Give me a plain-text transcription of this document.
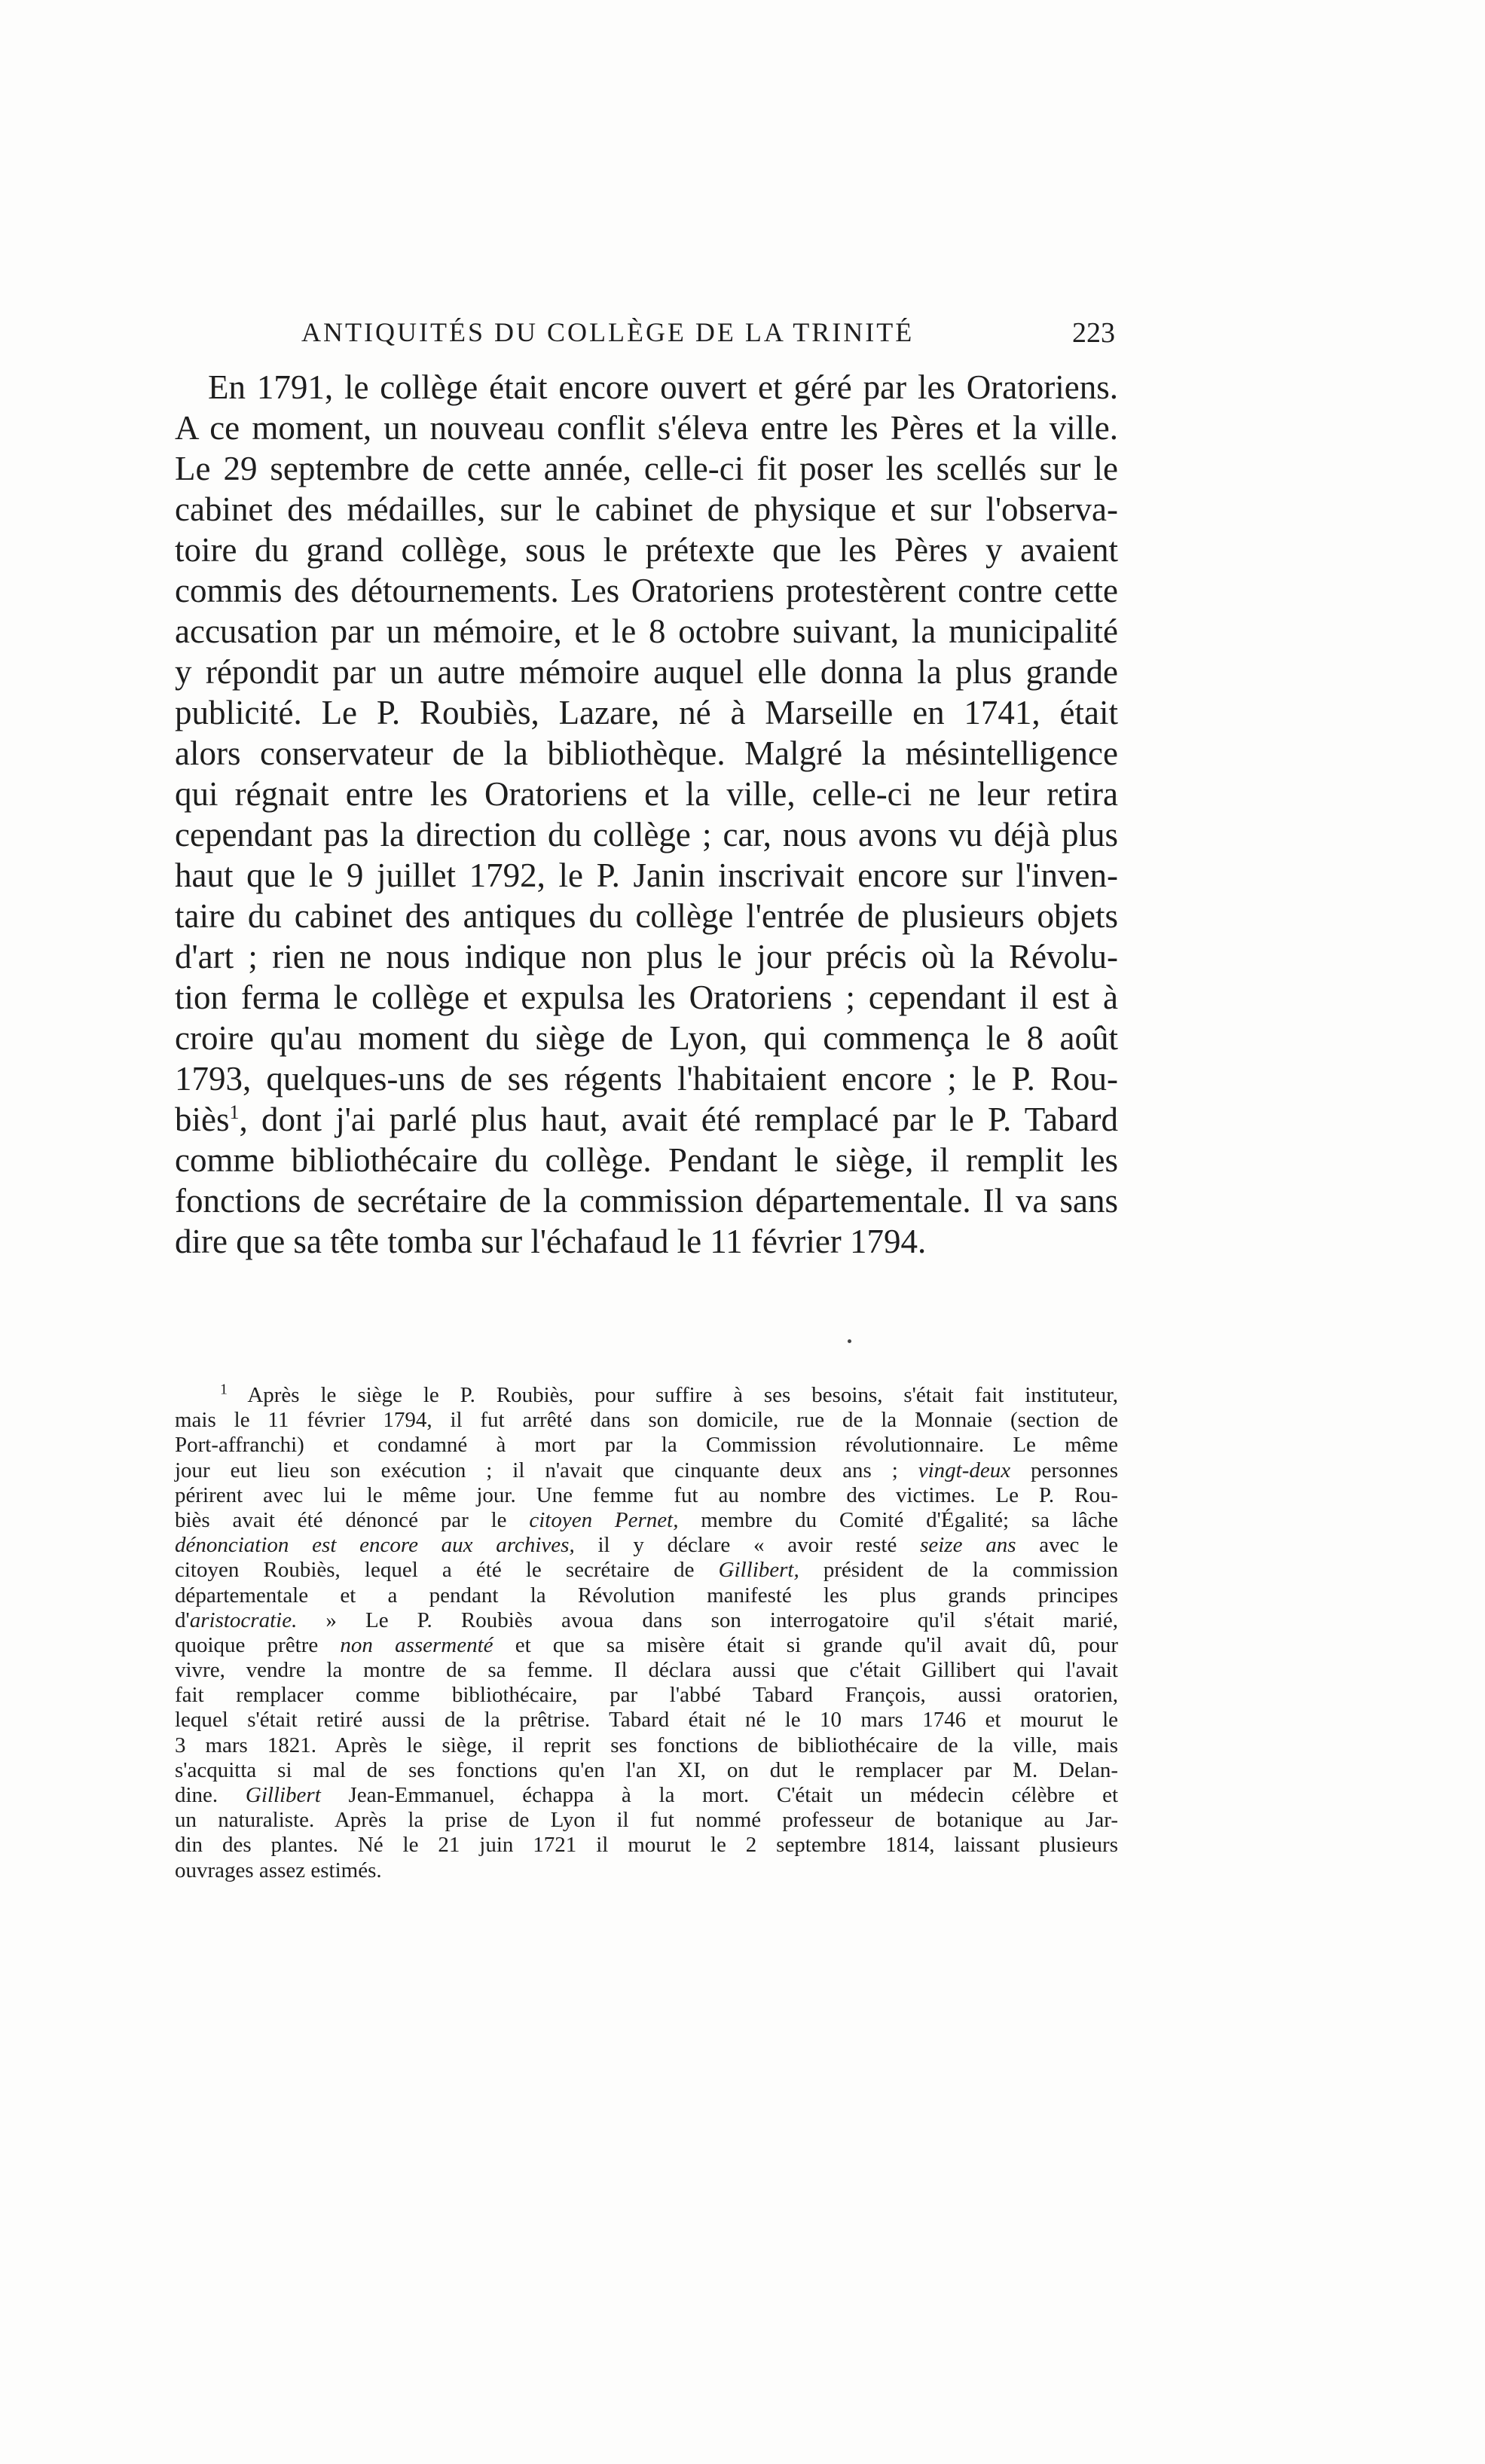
ANTIQUITÉS DU COLLÈGE DE LA TRINITÉ	223
En 1791, le collège était encore ouvert et géré par les Oratoriens.
A ce moment, un nouveau conflit s'éleva entre les Pères et la ville.
Le 29 septembre de cette année, celle-ci fit poser les scellés sur le
cabinet des médailles, sur le cabinet de physique et sur l'observa-
toire du grand collège, sous le prétexte que les Pères y avaient
commis des détournements. Les Oratoriens protestèrent contre cette
accusation par un mémoire, et le 8 octobre suivant, la municipalité
y répondit par un autre mémoire auquel elle donna la plus grande
publicité. Le P. Roubiès, Lazare, né à Marseille en 1741, était
alors conservateur de la bibliothèque. Malgré la mésintelligence
qui régnait entre les Oratoriens et la ville, celle-ci ne leur retira
cependant pas la direction du collège ; car, nous avons vu déjà plus
haut que le 9 juillet 1792, le P. Janin inscrivait encore sur l'inven-
taire du cabinet des antiques du collège l'entrée de plusieurs objets
d'art ; rien ne nous indique non plus le jour précis où la Révolu-
tion ferma le collège et expulsa les Oratoriens ; cependant il est à
croire qu'au moment du siège de Lyon, qui commença le 8 août
1793, quelques-uns de ses régents l'habitaient encore ; le P. Rou-
biès$^1$, dont j'ai parlé plus haut, avait été remplacé par le P. Tabard
comme bibliothécaire du collège. Pendant le siège, il remplit les
fonctions de secrétaire de la commission départementale. Il va sans
dire que sa tête tomba sur l'échafaud le 11 février 1794.
$^1$ Après le siège le P. Roubiès, pour suffire à ses besoins, s'était fait instituteur,
mais le 11 février 1794, il fut arrêté dans son domicile, rue de la Monnaie (section de
Port-affranchi) et condamné à mort par la Commission révolutionnaire. Le même
jour eut lieu son exécution ; il n'avait que cinquante deux ans ; vingt-deux personnes
périrent avec lui le même jour. Une femme fut au nombre des victimes. Le P. Rou-
biès avait été dénoncé par le citoyen Pernet, membre du Comité d'Égalité; sa lâche
dénonciation est encore aux archives, il y déclare « avoir resté seize ans avec le
citoyen Roubiès, lequel a été le secrétaire de Gillibert, président de la commission
départementale et a pendant la Révolution manifesté les plus grands principes
d'aristocratie. » Le P. Roubiès avoua dans son interrogatoire qu'il s'était marié,
quoique prêtre non assermenté et que sa misère était si grande qu'il avait dû, pour
vivre, vendre la montre de sa femme. Il déclara aussi que c'était Gillibert qui l'avait
fait remplacer comme bibliothécaire, par l'abbé Tabard François, aussi oratorien,
lequel s'était retiré aussi de la prêtrise. Tabard était né le 10 mars 1746 et mourut le
3 mars 1821. Après le siège, il reprit ses fonctions de bibliothécaire de la ville, mais
s'acquitta si mal de ses fonctions qu'en l'an XI, on dut le remplacer par M. Delan-
dine. Gillibert Jean-Emmanuel, échappa à la mort. C'était un médecin célèbre et
un naturaliste. Après la prise de Lyon il fut nommé professeur de botanique au Jar-
din des plantes. Né le 21 juin 1721 il mourut le 2 septembre 1814, laissant plusieurs
ouvrages assez estimés.
